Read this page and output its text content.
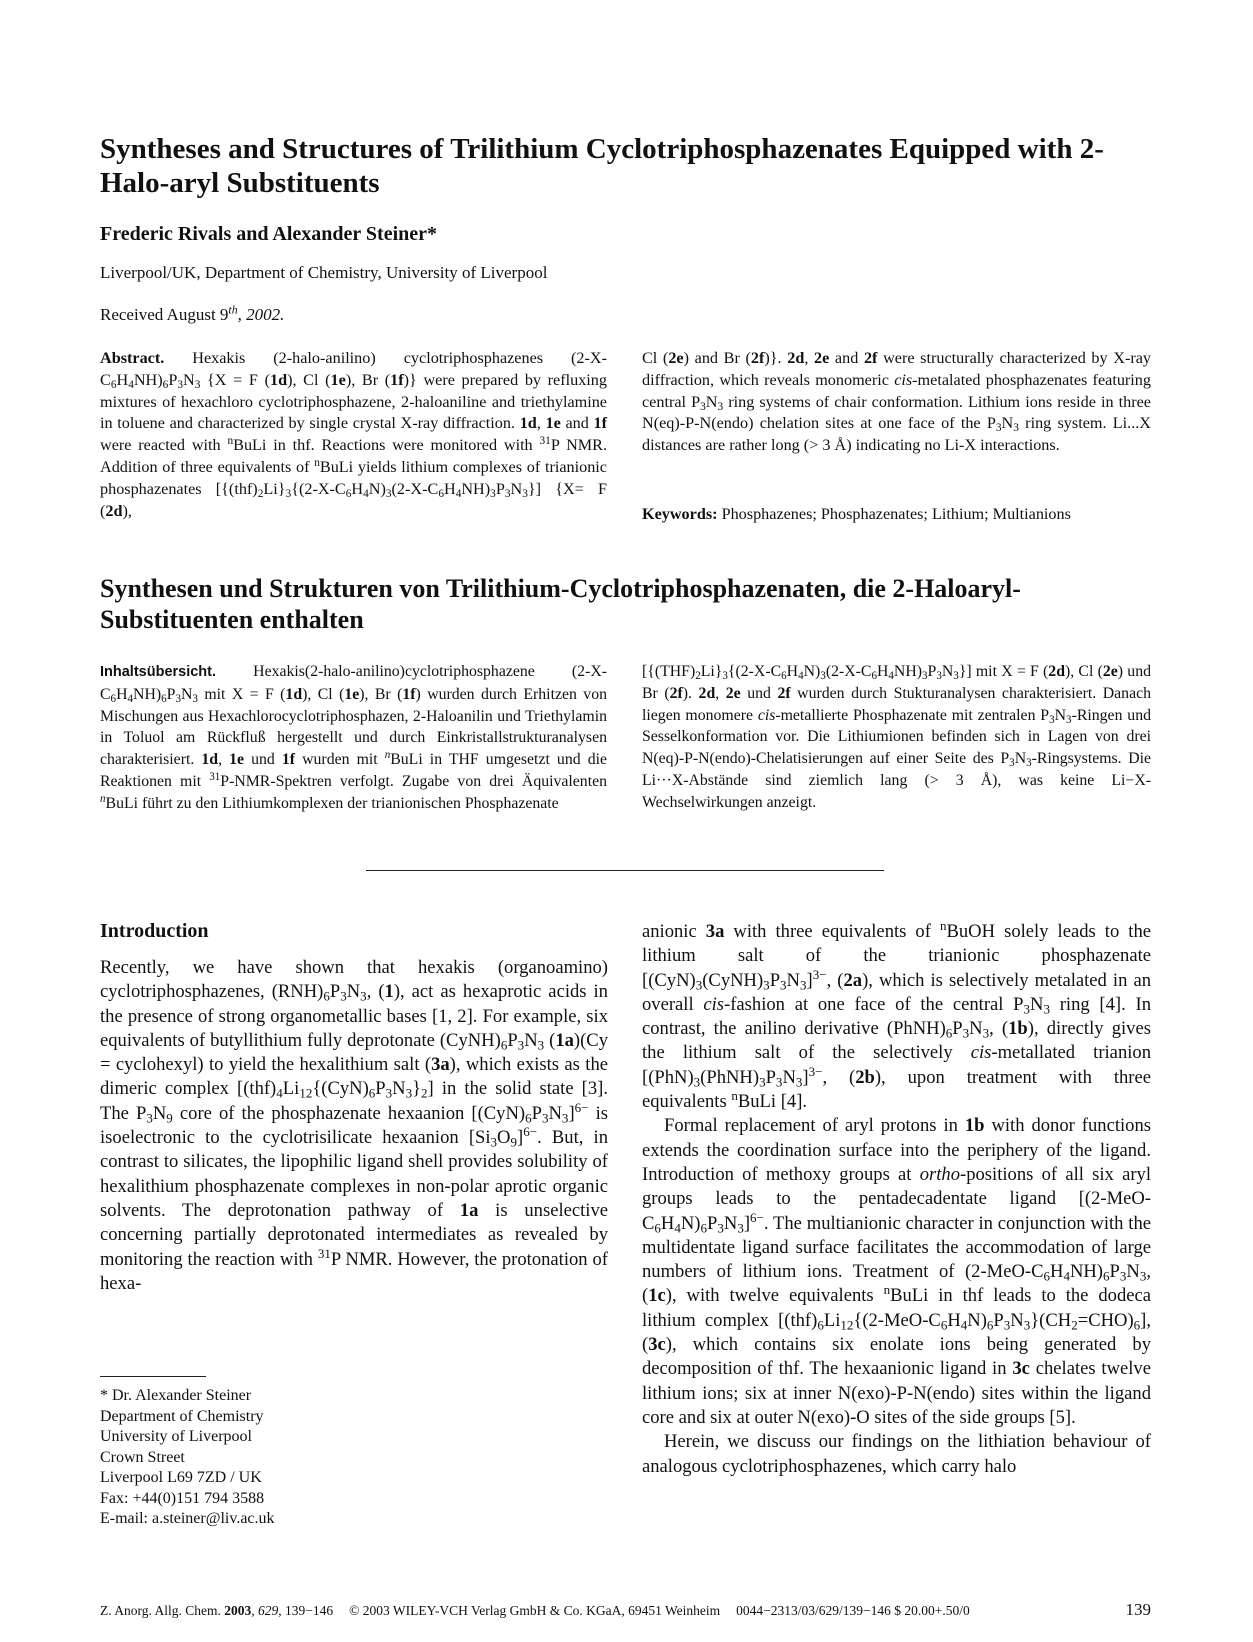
Syntheses and Structures of Trilithium Cyclotriphosphazenates Equipped with 2-Halo-aryl Substituents

Frederic Rivals and Alexander Steiner*

Liverpool/UK, Department of Chemistry, University of Liverpool

Received August 9th, 2002.

Abstract. Hexakis (2-halo-anilino) cyclotriphosphazenes $(2-X-C_6H_4NH)_6P_3N_3$ {X = F (1d), Cl (1e), Br (1f)} were prepared by refluxing mixtures of hexachloro cyclotriphosphazene, 2-haloaniline and triethylamine in toluene and characterized by single crystal X-ray diffraction. 1d, 1e and 1f were reacted with $^n$BuLi in thf. Reactions were monitored with $^{31}$P NMR. Addition of three equivalents of $^n$BuLi yields lithium complexes of trianionic phosphazenates $[\{(thf)_2Li\}_3\{(2-X-C_6H_4N)_3(2-X-C_6H_4NH)_3P_3N_3\}]$ {X= F (2d),
Cl (2e) and Br (2f)}. 2d, 2e and 2f were structurally characterized by X-ray diffraction, which reveals monomeric cis-metalated phosphazenates featuring central $P_3N_3$ ring systems of chair conformation. Lithium ions reside in three N(eq)-P-N(endo) chelation sites at one face of the $P_3N_3$ ring system. Li...X distances are rather long (> 3 Å) indicating no Li-X interactions.

Keywords: Phosphazenes; Phosphazenates; Lithium; Multianions

Synthesen und Strukturen von Trilithium-Cyclotriphosphazenaten, die 2-Haloaryl-Substituenten enthalten
Inhaltsübersicht. Hexakis(2-halo-anilino)cyclotriphosphazene $(2-X-C_6H_4NH)_6P_3N_3$ mit X = F (1d), Cl (1e), Br (1f) wurden durch Erhitzen von Mischungen aus Hexachlorocyclotriphosphazen, 2-Haloanilin und Triethylamin in Toluol am Rückfluß hergestellt und durch Einkristallstrukturanalysen charakterisiert. 1d, 1e und 1f wurden mit $^n$BuLi in THF umgesetzt und die Reaktionen mit $^{31}$P-NMR-Spektren verfolgt. Zugabe von drei Äquivalenten $^n$BuLi führt zu den Lithiumkomplexen der trianionischen Phosphazenate
$[\{(THF)_2Li\}_3\{(2-X-C_6H_4N)_3(2-X-C_6H_4NH)_3P_3N_3\}]$ mit X = F (2d), Cl (2e) und Br (2f). 2d, 2e und 2f wurden durch Stukturanalysen charakterisiert. Danach liegen monomere cis-metallierte Phosphazenate mit zentralen $P_3N_3$-Ringen und Sesselkonformation vor. Die Lithiumionen befinden sich in Lagen von drei N(eq)-P-N(endo)-Chelatisierungen auf einer Seite des $P_3N_3$-Ringsystems. Die Li···X-Abstände sind ziemlich lang (> 3 Å), was keine Li−X-Wechselwirkungen anzeigt.
Introduction
Recently, we have shown that hexakis (organoamino) cyclotriphosphazenes, $(RNH)_6P_3N_3$, (1), act as hexaprotic acids in the presence of strong organometallic bases [1, 2]. For example, six equivalents of butyllithium fully deprotonate $(CyNH)_6P_3N_3$ (1a)(Cy = cyclohexyl) to yield the hexalithium salt (3a), which exists as the dimeric complex $[(thf)_4Li_{12}\{(CyN)_6P_3N_3\}_2]$ in the solid state [3]. The $P_3N_9$ core of the phosphazenate hexaanion $[(CyN)_6P_3N_3]^{6-}$ is isoelectronic to the cyclotrisilicate hexaanion $[Si_3O_9]^{6-}$. But, in contrast to silicates, the lipophilic ligand shell provides solubility of hexalithium phosphazenate complexes in non-polar aprotic organic solvents. The deprotonation pathway of 1a is unselective concerning partially deprotonated intermediates as revealed by monitoring the reaction with $^{31}$P NMR. However, the protonation of hexa-

anionic 3a with three equivalents of $^n$BuOH solely leads to the lithium salt of the trianionic phosphazenate $[(CyN)_3(CyNH)_3P_3N_3]^{3-}$, (2a), which is selectively metalated in an overall cis-fashion at one face of the central $P_3N_3$ ring [4]. In contrast, the anilino derivative $(PhNH)_6P_3N_3$, (1b), directly gives the lithium salt of the selectively cis-metallated trianion $[(PhN)_3(PhNH)_3P_3N_3]^{3-}$, (2b), upon treatment with three equivalents $^n$BuLi [4].

Formal replacement of aryl protons in 1b with donor functions extends the coordination surface into the periphery of the ligand. Introduction of methoxy groups at ortho-positions of all six aryl groups leads to the pentadecadentate ligand $[(2-MeO-C_6H_4N)_6P_3N_3]^{6-}$. The multianionic character in conjunction with the multidentate ligand surface facilitates the accommodation of large numbers of lithium ions. Treatment of $(2-MeO-C_6H_4NH)_6P_3N_3$, (1c), with twelve equivalents $^n$BuLi in thf leads to the dodeca lithium complex $[(thf)_6Li_{12}\{(2-MeO-C_6H_4N)_6P_3N_3\}(CH_2=CHO)_6]$, (3c), which contains six enolate ions being generated by decomposition of thf. The hexaanionic ligand in 3c chelates twelve lithium ions; six at inner N(exo)-P-N(endo) sites within the ligand core and six at outer N(exo)-O sites of the side groups [5].

Herein, we discuss our findings on the lithiation behaviour of analogous cyclotriphosphazenes, which carry halo

* Dr. Alexander Steiner
Department of Chemistry
University of Liverpool
Crown Street
Liverpool L69 7ZD / UK
Fax: +44(0)151 794 3588
E-mail: a.steiner@liv.ac.uk
Z. Anorg. Allg. Chem. 2003, 629, 139−146 © 2003 WILEY-VCH Verlag GmbH & Co. KGaA, 69451 Weinheim 0044−2313/03/629/139−146 $ 20.00+.50/0	139
